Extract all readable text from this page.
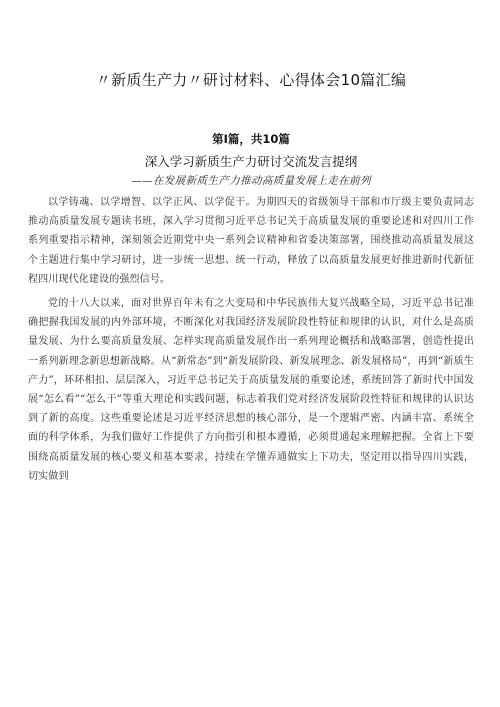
〃新质生产力〃研讨材料、心得体会10篇汇编
第I篇，共10篇
深入学习新质生产力研讨交流发言提纲
——在发展新质生产力推动高质量发展上走在前列

以学铸魂、以学增智、以学正风、以学促干。为期四天的省级领导干部和市厅级主要负责同志推动高质量发展专题读书班，深入学习贯彻习近平总书记关于高质量发展的重要论述和对四川工作系列重要指示精神，深刻领会近期党中央一系列会议精神和省委决策部署，围绕推动高质量发展这个主题进行集中学习研讨，进一步统一思想、统一行动，释放了以高质量发展更好推进新时代新征程四川现代化建设的强烈信号。

党的十八大以来，面对世界百年未有之大变局和中华民族伟大复兴战略全局，习近平总书记准确把握我国发展的内外部环境，不断深化对我国经济发展阶段性特征和规律的认识，对什么是高质量发展、为什么要高质量发展、怎样实现高质量发展作出一系列理论概括和战略部署，创造性提出一系列新理念新思想新战略。从“新常态”到“新发展阶段、新发展理念、新发展格局”，再到“新质生产力”，环环相扣、层层深入，习近平总书记关于高质量发展的重要论述，系统回答了新时代中国发展“怎么看”“怎么干”等重大理论和实践问题，标志着我们党对经济发展阶段性特征和规律的认识达到了新的高度。这些重要论述是习近平经济思想的核心部分，是一个逻辑严密、内涵丰富、系统全面的科学体系，为我们做好工作提供了方向指引和根本遵循，必须贯通起来理解把握。全省上下要围绕高质量发展的核心要义和基本要求，持续在学懂弄通做实上下功夫，坚定用以指导四川实践，切实做到
